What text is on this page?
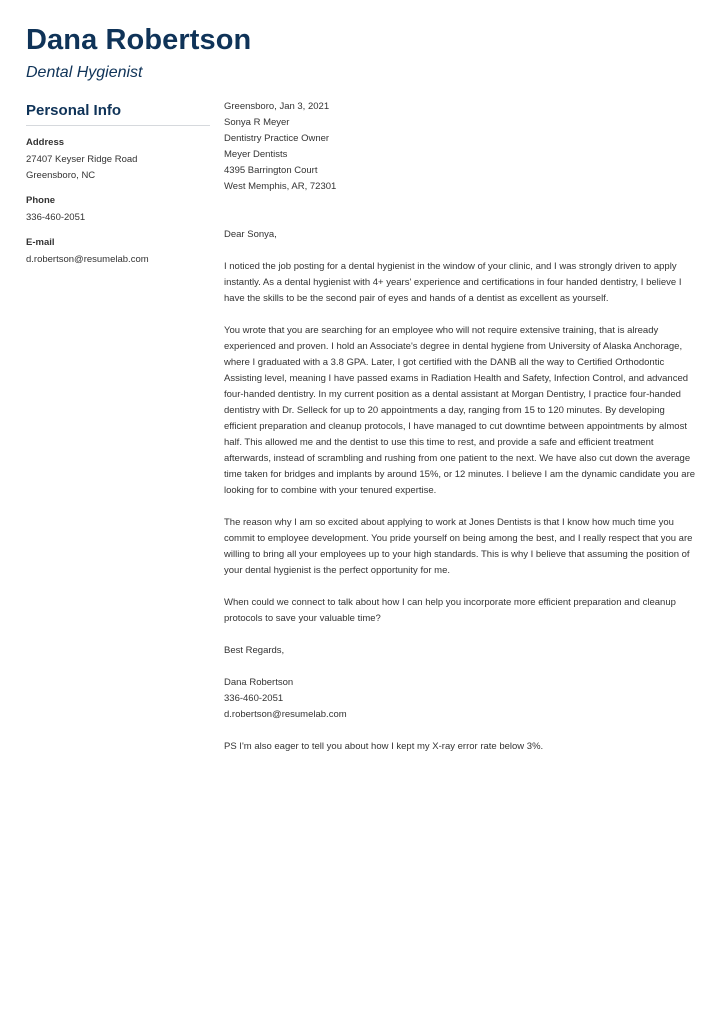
Dana Robertson

Dental Hygienist

Personal Info
Address
27407 Keyser Ridge Road
Greensboro, NC
Phone
336-460-2051
E-mail
d.robertson@resumelab.com

Greensboro, Jan 3, 2021

Sonya R Meyer
Dentistry Practice Owner
Meyer Dentists
4395 Barrington Court
West Memphis, AR, 72301

Dear Sonya,

I noticed the job posting for a dental hygienist in the window of your clinic, and I was strongly driven to apply instantly. As a dental hygienist with 4+ years' experience and certifications in four handed dentistry, I believe I have the skills to be the second pair of eyes and hands of a dentist as excellent as yourself.

You wrote that you are searching for an employee who will not require extensive training, that is already experienced and proven. I hold an Associate's degree in dental hygiene from University of Alaska Anchorage, where I graduated with a 3.8 GPA. Later, I got certified with the DANB all the way to Certified Orthodontic Assisting level, meaning I have passed exams in Radiation Health and Safety, Infection Control, and advanced four-handed dentistry. In my current position as a dental assistant at Morgan Dentistry, I practice four-handed dentistry with Dr. Selleck for up to 20 appointments a day, ranging from 15 to 120 minutes. By developing efficient preparation and cleanup protocols, I have managed to cut downtime between appointments by almost half. This allowed me and the dentist to use this time to rest, and provide a safe and efficient treatment afterwards, instead of scrambling and rushing from one patient to the next. We have also cut down the average time taken for bridges and implants by around 15%, or 12 minutes. I believe I am the dynamic candidate you are looking for to combine with your tenured expertise.

The reason why I am so excited about applying to work at Jones Dentists is that I know how much time you commit to employee development. You pride yourself on being among the best, and I really respect that you are willing to bring all your employees up to your high standards. This is why I believe that assuming the position of your dental hygienist is the perfect opportunity for me.

When could we connect to talk about how I can help you incorporate more efficient preparation and cleanup protocols to save your valuable time?

Best Regards,

Dana Robertson
336-460-2051
d.robertson@resumelab.com

PS I'm also eager to tell you about how I kept my X-ray error rate below 3%.
